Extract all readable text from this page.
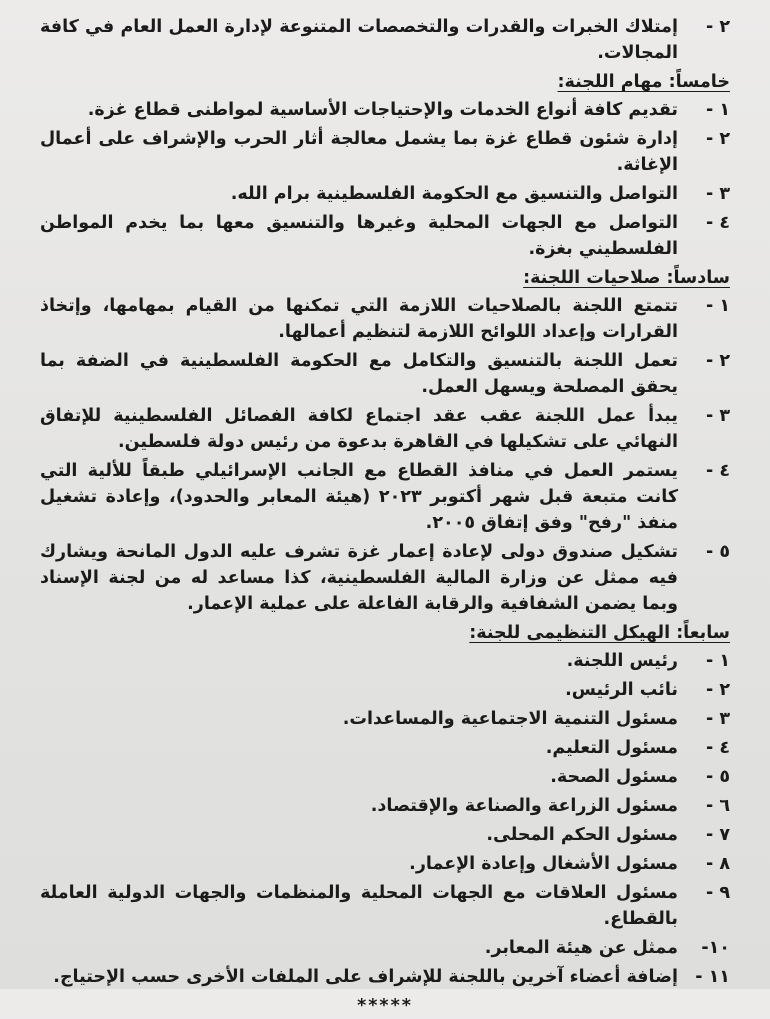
٢ -
إمتلاك الخبرات والقدرات والتخصصات المتنوعة لإدارة العمل العام في كافة المجالات.
خامساً: مهام اللجنة:
١ -
تقديم كافة أنواع الخدمات والإحتياجات الأساسية لمواطنى قطاع غزة.
٢ -
إدارة شئون قطاع غزة بما يشمل معالجة أثار الحرب والإشراف على أعمال الإغاثة.
٣ -
التواصل والتنسيق مع الحكومة الفلسطينية برام الله.
٤ -
التواصل مع الجهات المحلية وغيرها والتنسيق معها بما يخدم المواطن الفلسطيني بغزة.
سادساً: صلاحيات اللجنة:
١ -
تتمتع اللجنة بالصلاحيات اللازمة التي تمكنها من القيام بمهامها، وإتخاذ القرارات وإعداد اللوائح اللازمة لتنظيم أعمالها.
٢ -
تعمل اللجنة بالتنسيق والتكامل مع الحكومة الفلسطينية في الضفة بما يحقق المصلحة ويسهل العمل.
٣ -
يبدأ عمل اللجنة عقب عقد اجتماع لكافة الفصائل الفلسطينية للإتفاق النهائي على تشكيلها في القاهرة بدعوة من رئيس دولة فلسطين.
٤ -
يستمر العمل في منافذ القطاع مع الجانب الإسرائيلي طبقاً للألية التي كانت متبعة قبل شهر أكتوبر ٢٠٢٣ (هيئة المعابر والحدود)، وإعادة تشغيل منفذ "رفح" وفق إتفاق ٢٠٠٥.
٥ -
تشكيل صندوق دولى لإعادة إعمار غزة تشرف عليه الدول المانحة ويشارك فيه ممثل عن وزارة المالية الفلسطينية، كذا مساعد له من لجنة الإسناد وبما يضمن الشفافية والرقابة الفاعلة على عملية الإعمار.
سابعاً: الهيكل التنظيمى للجنة:
١ -
رئيس اللجنة.
٢ -
نائب الرئيس.
٣ -
مسئول التنمية الاجتماعية والمساعدات.
٤ -
مسئول التعليم.
٥ -
مسئول الصحة.
٦ -
مسئول الزراعة والصناعة والإقتصاد.
٧ -
مسئول الحكم المحلى.
٨ -
مسئول الأشغال وإعادة الإعمار.
٩ -
مسئول العلاقات مع الجهات المحلية والمنظمات والجهات الدولية العاملة بالقطاع.
١٠-
ممثل عن هيئة المعابر.
١١ -
إضافة أعضاء آخرين باللجنة للإشراف على الملفات الأخرى حسب الإحتياج.
*****
